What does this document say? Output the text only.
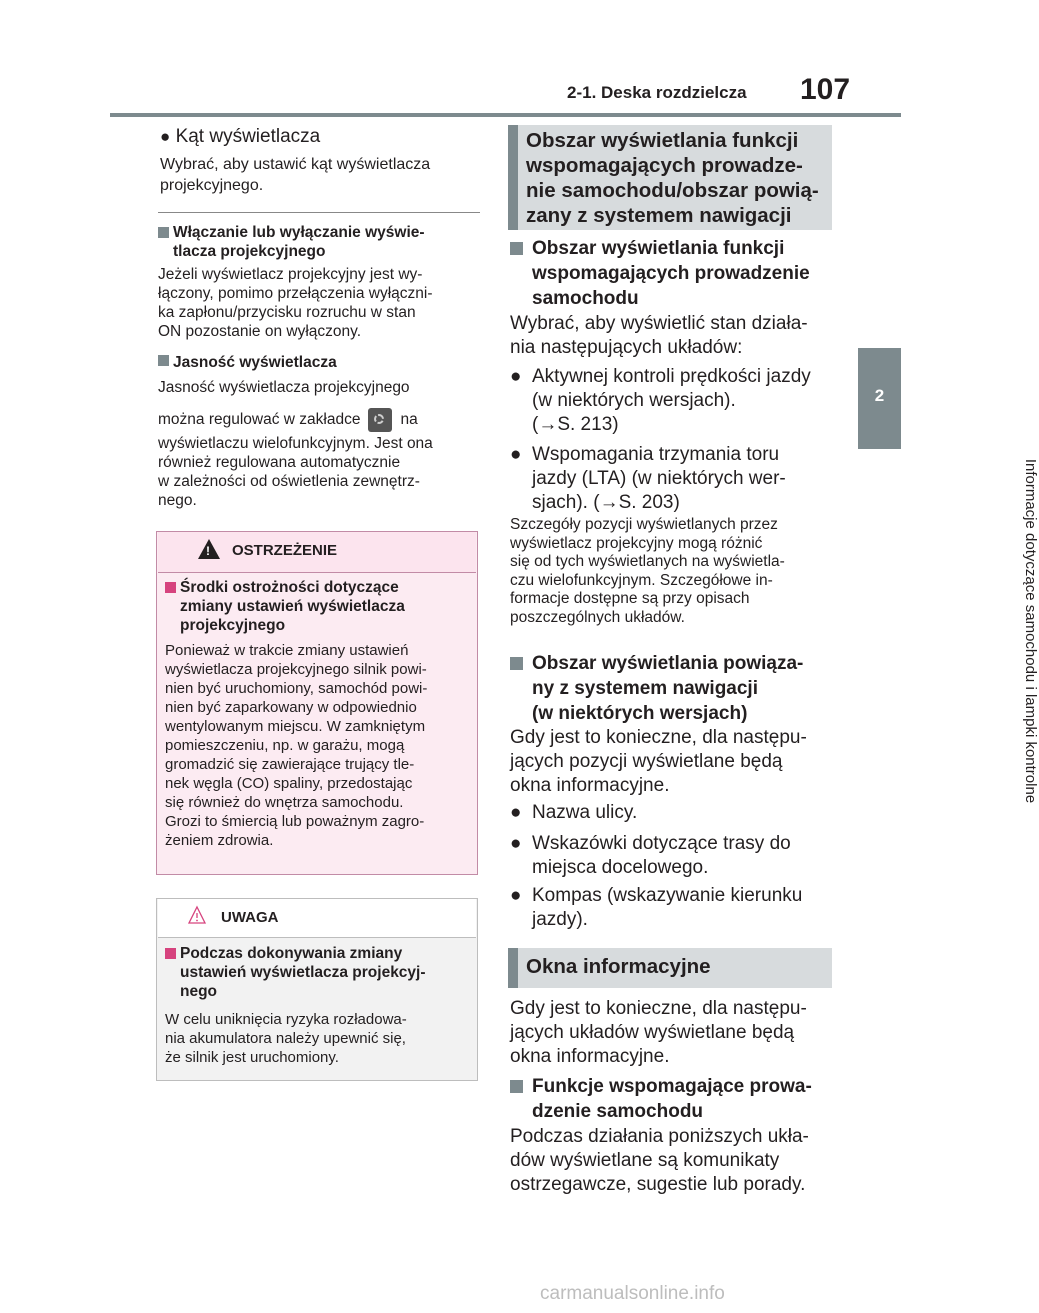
2-1. Deska rozdzielcza 107
2
Informacje dotyczące samochodu i lampki kontrolne
● Kąt wyświetlacza
Wybrać, aby ustawić kąt wyświetlacza
projekcyjnego.
Włączanie lub wyłączanie wyświe-
tlacza projekcyjnego
Jeżeli wyświetlacz projekcyjny jest wy-
łączony, pomimo przełączenia wyłączni-
ka zapłonu/przycisku rozruchu w stan
ON pozostanie on wyłączony.
Jasność wyświetlacza
Jasność wyświetlacza projekcyjnego
można regulować w zakładce	na
wyświetlaczu wielofunkcyjnym. Jest ona
również regulowana automatycznie
w zależności od oświetlenia zewnętrz-
nego.
! OSTRZEŻENIE
Środki ostrożności dotyczące
zmiany ustawień wyświetlacza
projekcyjnego
Ponieważ w trakcie zmiany ustawień
wyświetlacza projekcyjnego silnik powi-
nien być uruchomiony, samochód powi-
nien być zaparkowany w odpowiednio
wentylowanym miejscu. W zamkniętym
pomieszczeniu, np. w garażu, mogą
gromadzić się zawierające trujący tle-
nek węgla (CO) spaliny, przedostając
się również do wnętrza samochodu.
Grozi to śmiercią lub poważnym zagro-
żeniem zdrowia.
UWAGA
Podczas dokonywania zmiany
ustawień wyświetlacza projekcyj-
nego
W celu uniknięcia ryzyka rozładowa-
nia akumulatora należy upewnić się,
że silnik jest uruchomiony.
Obszar wyświetlania funkcji
wspomagających prowadze-
nie samochodu/obszar powią-
zany z systemem nawigacji
Obszar wyświetlania funkcji
wspomagających prowadzenie
samochodu
Wybrać, aby wyświetlić stan działa-
nia następujących układów:
● Aktywnej kontroli prędkości jazdy
(w niektórych wersjach).
(→S. 213)
● Wspomagania trzymania toru
jazdy (LTA) (w niektórych wer-
sjach). (→S. 203)
Szczegóły pozycji wyświetlanych przez
wyświetlacz projekcyjny mogą różnić
się od tych wyświetlanych na wyświetla-
czu wielofunkcyjnym. Szczegółowe in-
formacje dostępne są przy opisach
poszczególnych układów.
Obszar wyświetlania powiąza-
ny z systemem nawigacji
(w niektórych wersjach)
Gdy jest to konieczne, dla następu-
jących pozycji wyświetlane będą
okna informacyjne.
● Nazwa ulicy.
● Wskazówki dotyczące trasy do
miejsca docelowego.
● Kompas (wskazywanie kierunku
jazdy).
Okna informacyjne
Gdy jest to konieczne, dla następu-
jących układów wyświetlane będą
okna informacyjne.
Funkcje wspomagające prowa-
dzenie samochodu
Podczas działania poniższych ukła-
dów wyświetlane są komunikaty
ostrzegawcze, sugestie lub porady.
carmanualsonline.info
